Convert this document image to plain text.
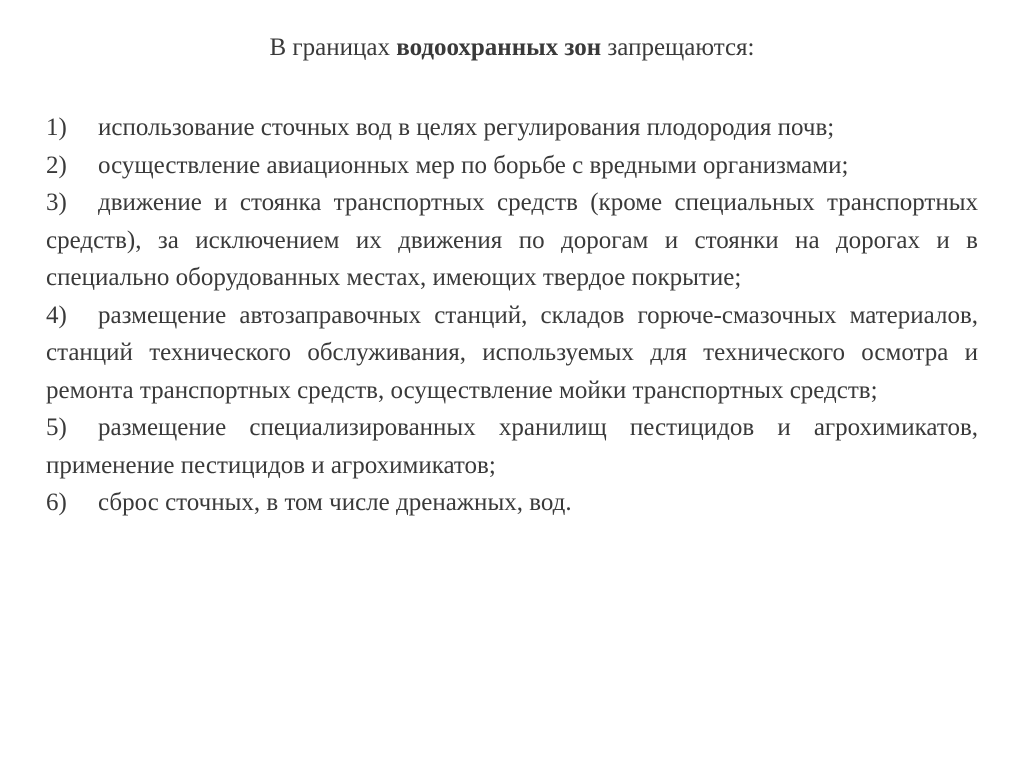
В границах водоохранных зон запрещаются:
1) использование сточных вод в целях регулирования плодородия почв;
2) осуществление авиационных мер по борьбе с вредными организмами;
3) движение и стоянка транспортных средств (кроме специальных транспортных средств), за исключением их движения по дорогам и стоянки на дорогах и в специально оборудованных местах, имеющих твердое покрытие;
4) размещение автозаправочных станций, складов горюче-смазочных материалов, станций технического обслуживания, используемых для технического осмотра и ремонта транспортных средств, осуществление мойки транспортных средств;
5) размещение специализированных хранилищ пестицидов и агрохимикатов, применение пестицидов и агрохимикатов;
6) сброс сточных, в том числе дренажных, вод.
